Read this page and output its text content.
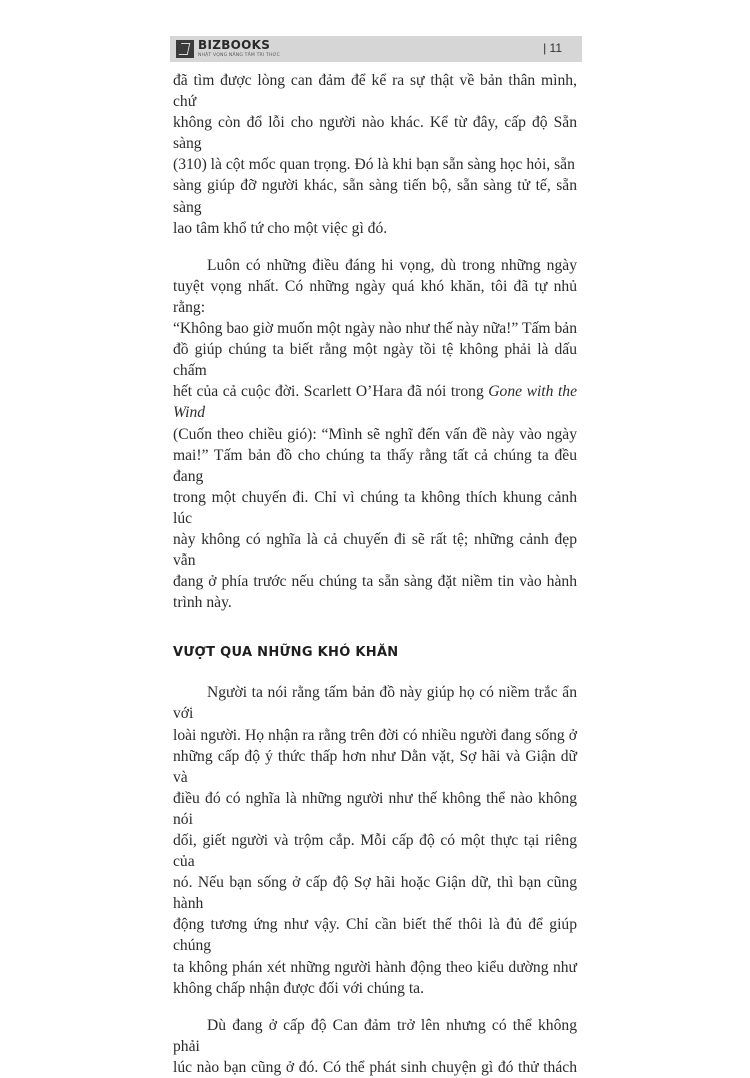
BIZBOOKS
NHẬT VỌNG NÂNG TẦM TRI THỨC
| 11

đã tìm được lòng can đảm để kể ra sự thật về bản thân mình, chứ
không còn đổ lỗi cho người nào khác. Kể từ đây, cấp độ Sẵn sàng
(310) là cột mốc quan trọng. Đó là khi bạn sẵn sàng học hỏi, sẵn
sàng giúp đỡ người khác, sẵn sàng tiến bộ, sẵn sàng tử tế, sẵn sàng
lao tâm khổ tứ cho một việc gì đó.

Luôn có những điều đáng hi vọng, dù trong những ngày
tuyệt vọng nhất. Có những ngày quá khó khăn, tôi đã tự nhủ rằng:
“Không bao giờ muốn một ngày nào như thế này nữa!” Tấm bản
đồ giúp chúng ta biết rằng một ngày tồi tệ không phải là dấu chấm
hết của cả cuộc đời. Scarlett O’Hara đã nói trong Gone with the Wind
(Cuốn theo chiều gió): “Mình sẽ nghĩ đến vấn đề này vào ngày
mai!” Tấm bản đồ cho chúng ta thấy rằng tất cả chúng ta đều đang
trong một chuyến đi. Chỉ vì chúng ta không thích khung cảnh lúc
này không có nghĩa là cả chuyến đi sẽ rất tệ; những cảnh đẹp vẫn
đang ở phía trước nếu chúng ta sẵn sàng đặt niềm tin vào hành
trình này.

VƯỢT QUA NHỮNG KHÓ KHĂN

Người ta nói rằng tấm bản đồ này giúp họ có niềm trắc ẩn với
loài người. Họ nhận ra rằng trên đời có nhiều người đang sống ở
những cấp độ ý thức thấp hơn như Dằn vặt, Sợ hãi và Giận dữ và
điều đó có nghĩa là những người như thế không thể nào không nói
dối, giết người và trộm cắp. Mỗi cấp độ có một thực tại riêng của
nó. Nếu bạn sống ở cấp độ Sợ hãi hoặc Giận dữ, thì bạn cũng hành
động tương ứng như vậy. Chỉ cần biết thế thôi là đủ để giúp chúng
ta không phán xét những người hành động theo kiểu dường như
không chấp nhận được đối với chúng ta.

Dù đang ở cấp độ Can đảm trở lên nhưng có thể không phải
lúc nào bạn cũng ở đó. Có thể phát sinh chuyện gì đó thử thách
